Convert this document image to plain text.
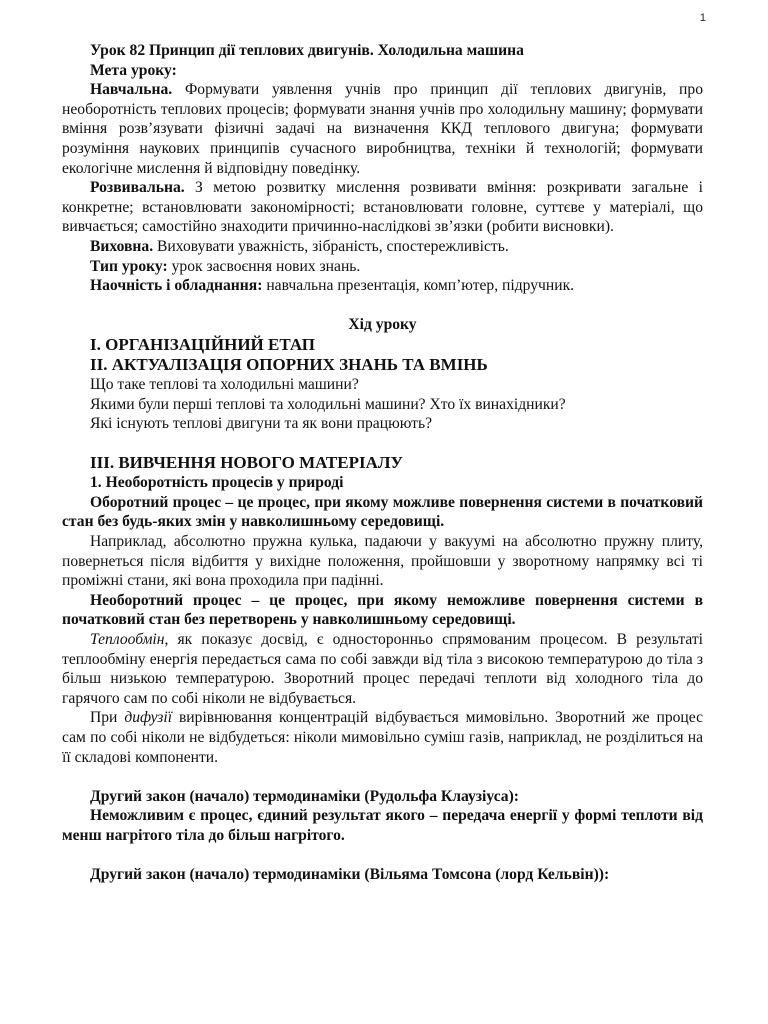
1

Урок 82 Принцип дії теплових двигунів. Холодильна машина

Мета уроку:

Навчальна. Формувати уявлення учнів про принцип дії теплових двигунів, про необоротність теплових процесів; формувати знання учнів про холодильну машину; формувати вміння розв’язувати фізичні задачі на визначення ККД теплового двигуна; формувати розуміння наукових принципів сучасного виробництва, техніки й технологій; формувати екологічне мислення й відповідну поведінку.

Розвивальна. З метою розвитку мислення розвивати вміння: розкривати загальне і конкретне; встановлювати закономірності; встановлювати головне, суттєве у матеріалі, що вивчається; самостійно знаходити причинно-наслідкові зв’язки (робити висновки).

Виховна. Виховувати уважність, зібраність, спостережливість.

Тип уроку: урок засвоєння нових знань.

Наочність і обладнання: навчальна презентація, комп’ютер, підручник.

Хід уроку

I. ОРГАНІЗАЦІЙНИЙ ЕТАП

II. АКТУАЛІЗАЦІЯ ОПОРНИХ ЗНАНЬ ТА ВМІНЬ

Що таке теплові та холодильні машини?

Якими були перші теплові та холодильні машини? Хто їх винахідники?

Які існують теплові двигуни та як вони працюють?

III. ВИВЧЕННЯ НОВОГО МАТЕРІАЛУ

1. Необоротність процесів у природі

Оборотний процес – це процес, при якому можливе повернення системи в початковий стан без будь-яких змін у навколишньому середовищі.

Наприклад, абсолютно пружна кулька, падаючи у вакуумі на абсолютно пружну плиту, повернеться після відбиття у вихідне положення, пройшовши у зворотному напрямку всі ті проміжні стани, які вона проходила при падінні.

Необоротний процес – це процес, при якому неможливе повернення системи в початковий стан без перетворень у навколишньому середовищі.

Теплообмін, як показує досвід, є односторонньо спрямованим процесом. В результаті теплообміну енергія передається сама по собі завжди від тіла з високою температурою до тіла з більш низькою температурою. Зворотний процес передачі теплоти від холодного тіла до гарячого сам по собі ніколи не відбувається.

При дифузії вирівнювання концентрацій відбувається мимовільно. Зворотний же процес сам по собі ніколи не відбудеться: ніколи мимовільно суміш газів, наприклад, не розділиться на її складові компоненти.

Другий закон (начало) термодинаміки (Рудольфа Клаузіуса):

Неможливим є процес, єдиний результат якого – передача енергії у формі теплоти від менш нагрітого тіла до більш нагрітого.

Другий закон (начало) термодинаміки (Вільяма Томсона (лорд Кельвін)):
